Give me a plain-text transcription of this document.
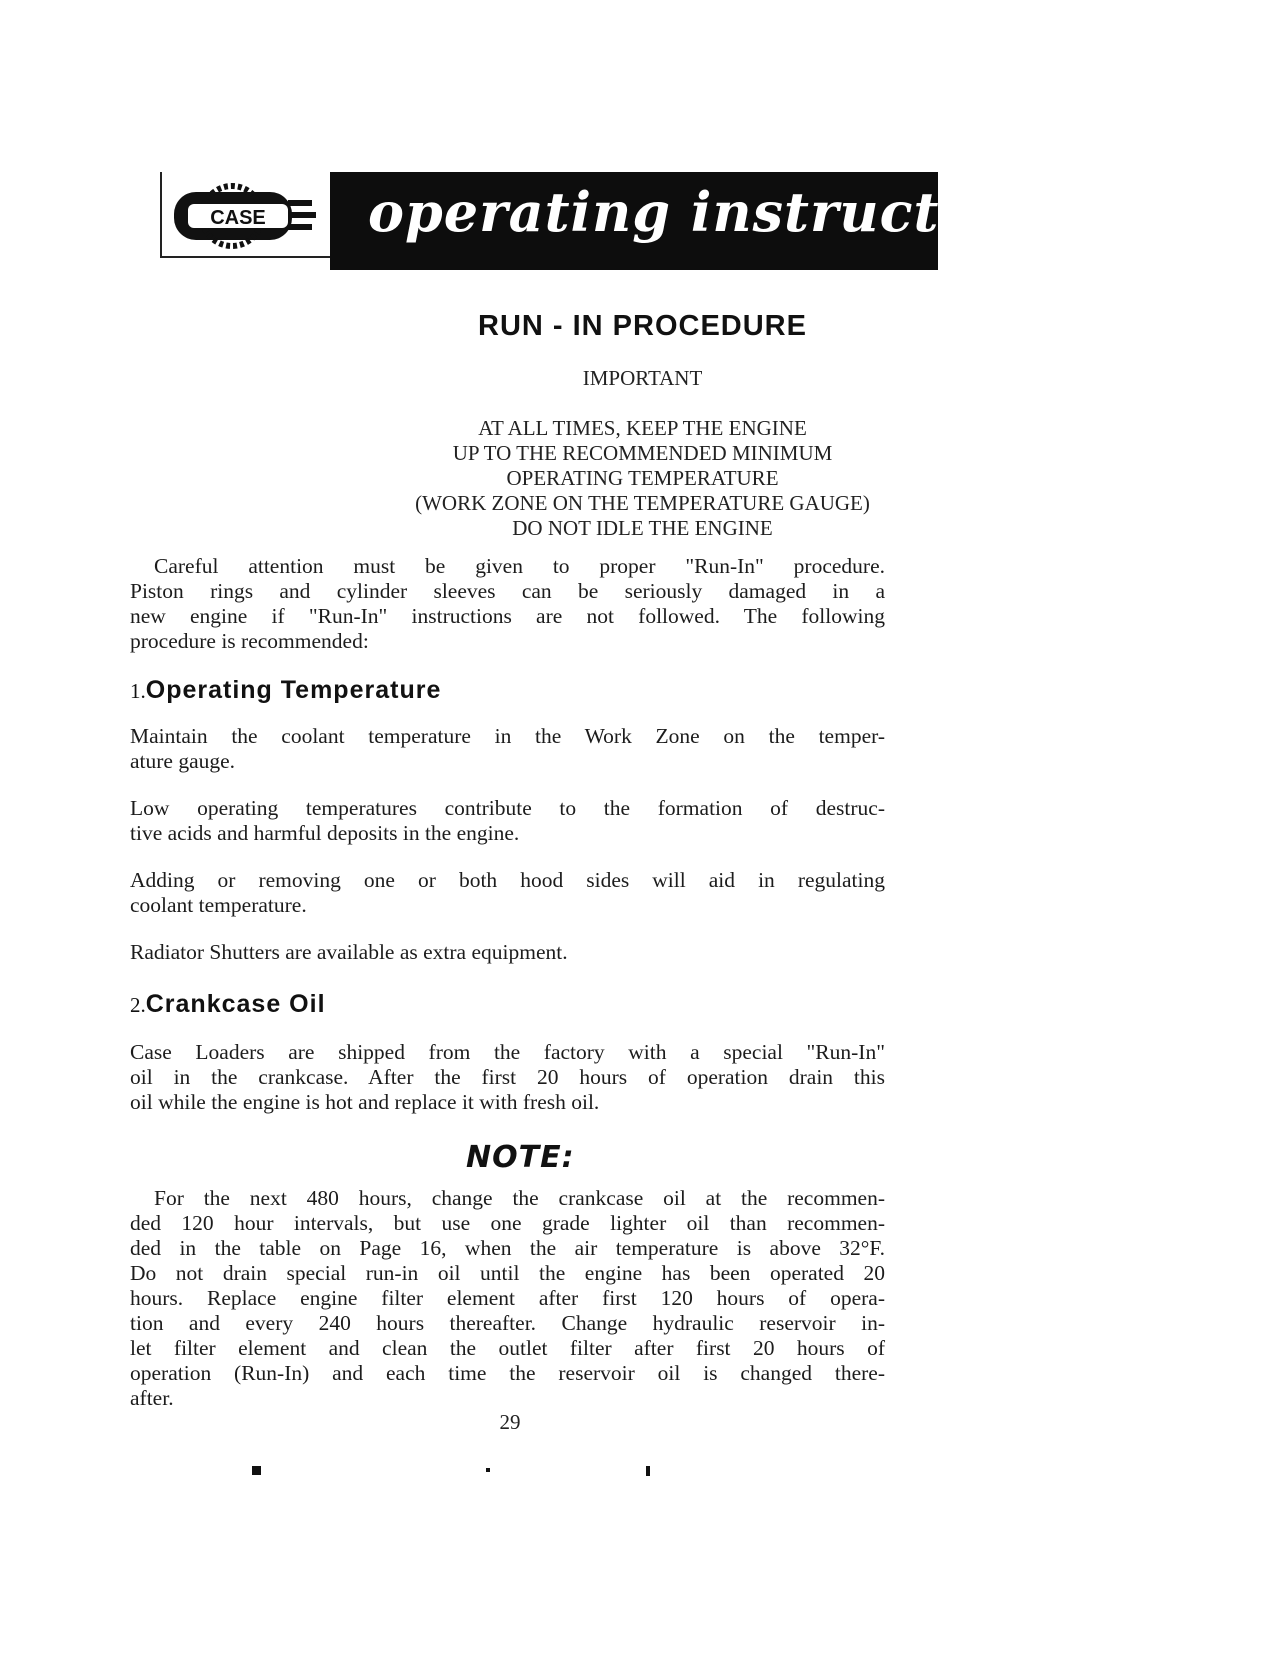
CASE operating instructions
RUN - IN PROCEDURE
IMPORTANT
AT ALL TIMES, KEEP THE ENGINE
UP TO THE RECOMMENDED MINIMUM
OPERATING TEMPERATURE
(WORK ZONE ON THE TEMPERATURE GAUGE)
DO NOT IDLE THE ENGINE
Careful attention must be given to proper "Run-In" procedure.
Piston rings and cylinder sleeves can be seriously damaged in a
new engine if "Run-In" instructions are not followed. The following
procedure is recommended:
1.Operating Temperature
Maintain the coolant temperature in the Work Zone on the temper-
ature gauge.
Low operating temperatures contribute to the formation of destruc-
tive acids and harmful deposits in the engine.
Adding or removing one or both hood sides will aid in regulating
coolant temperature.
Radiator Shutters are available as extra equipment.
2.Crankcase Oil
Case Loaders are shipped from the factory with a special "Run-In"
oil in the crankcase. After the first 20 hours of operation drain this
oil while the engine is hot and replace it with fresh oil.
NOTE:
For the next 480 hours, change the crankcase oil at the recommen-
ded 120 hour intervals, but use one grade lighter oil than recommen-
ded in the table on Page 16, when the air temperature is above 32°F.
Do not drain special run-in oil until the engine has been operated 20
hours. Replace engine filter element after first 120 hours of opera-
tion and every 240 hours thereafter. Change hydraulic reservoir in-
let filter element and clean the outlet filter after first 20 hours of
operation (Run-In) and each time the reservoir oil is changed there-
after.
29
